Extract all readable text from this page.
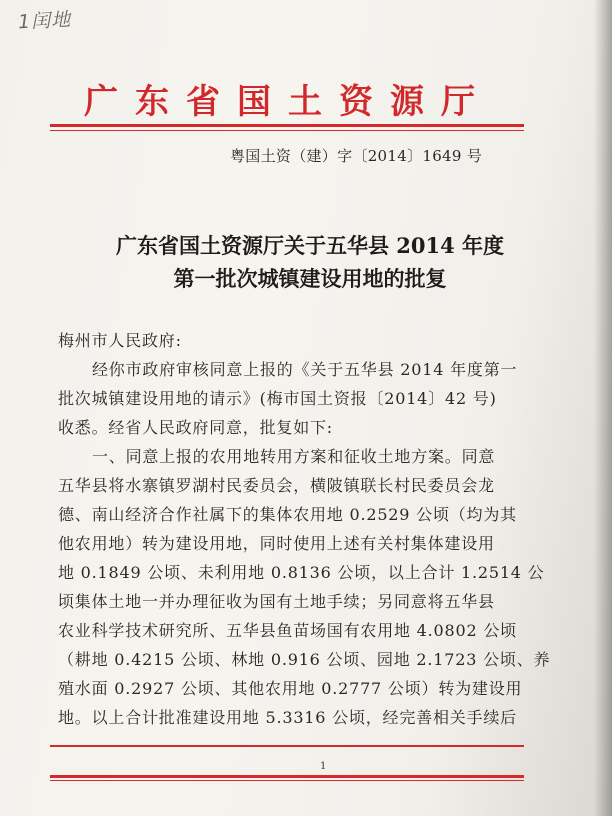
1闰地
广东省国土资源厅
粤国土资（建）字〔2014〕1649 号
广东省国土资源厅关于五华县 2014 年度
第一批次城镇建设用地的批复
梅州市人民政府:
经你市政府审核同意上报的《关于五华县 2014 年度第一
批次城镇建设用地的请示》(梅市国土资报〔2014〕42 号)
收悉。经省人民政府同意，批复如下:
一、同意上报的农用地转用方案和征收土地方案。同意
五华县将水寨镇罗湖村民委员会，横陂镇联长村民委员会龙
德、南山经济合作社属下的集体农用地 0.2529 公顷（均为其
他农用地）转为建设用地，同时使用上述有关村集体建设用
地 0.1849 公顷、未利用地 0.8136 公顷，以上合计 1.2514 公
顷集体土地一并办理征收为国有土地手续；另同意将五华县
农业科学技术研究所、五华县鱼苗场国有农用地 4.0802 公顷
（耕地 0.4215 公顷、林地 0.916 公顷、园地 2.1723 公顷、养
殖水面 0.2927 公顷、其他农用地 0.2777 公顷）转为建设用
地。以上合计批准建设用地 5.3316 公顷，经完善相关手续后
1
